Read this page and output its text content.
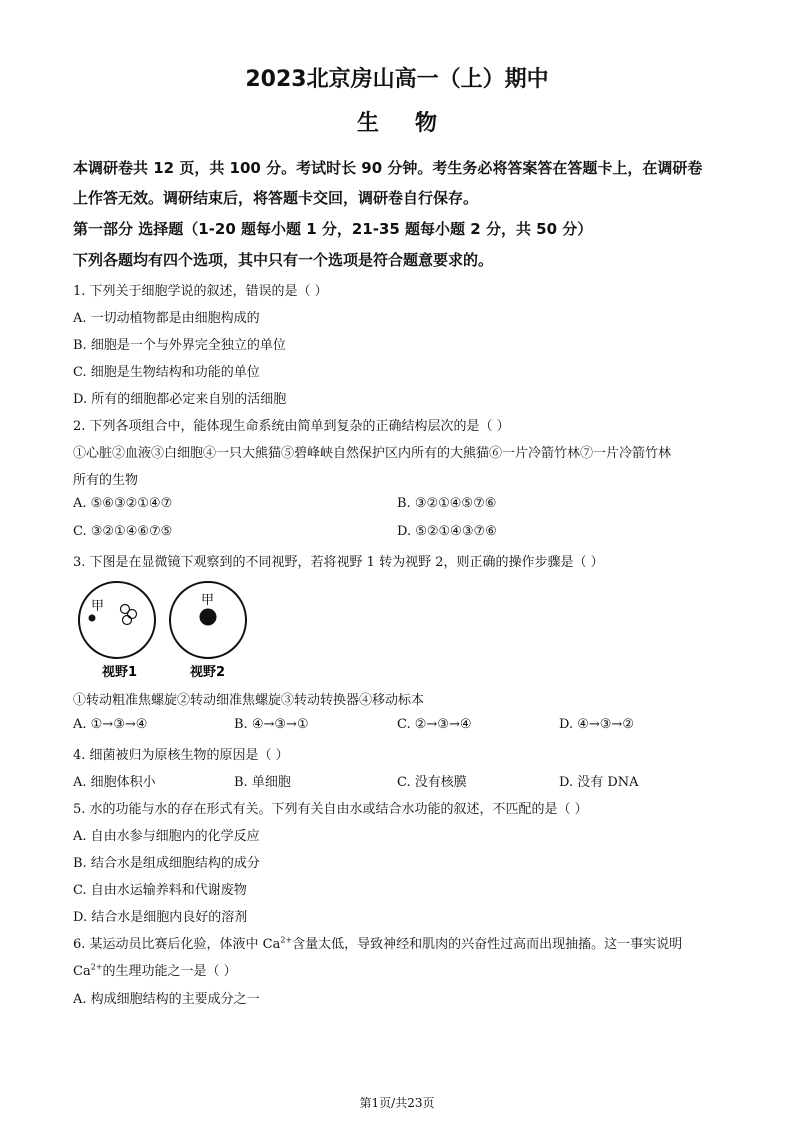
2023北京房山高一（上）期中
生物
本调研卷共 12 页，共 100 分。考试时长 90 分钟。考生务必将答案答在答题卡上，在调研卷
上作答无效。调研结束后，将答题卡交回，调研卷自行保存。
第一部分 选择题（1-20 题每小题 1 分，21-35 题每小题 2 分，共 50 分）
下列各题均有四个选项，其中只有一个选项是符合题意要求的。
1. 下列关于细胞学说的叙述，错误的是（ ）
A. 一切动植物都是由细胞构成的
B. 细胞是一个与外界完全独立的单位
C. 细胞是生物结构和功能的单位
D. 所有的细胞都必定来自别的活细胞
2. 下列各项组合中，能体现生命系统由简单到复杂的正确结构层次的是（ ）
①心脏②血液③白细胞④一只大熊猫⑤碧峰峡自然保护区内所有的大熊猫⑥一片冷箭竹林⑦一片冷箭竹林
所有的生物
A. ⑤⑥③②①④⑦	B. ③②①④⑤⑦⑥
C. ③②①④⑥⑦⑤	D. ⑤②①④③⑦⑥
3. 下图是在显微镜下观察到的不同视野，若将视野 1 转为视野 2，则正确的操作步骤是（ ）
甲	甲
视野1	视野2
①转动粗准焦螺旋②转动细准焦螺旋③转动转换器④移动标本
A. ①→③→④	B. ④→③→①	C. ②→③→④	D. ④→③→②
4. 细菌被归为原核生物的原因是（ ）
A. 细胞体积小	B. 单细胞	C. 没有核膜	D. 没有 DNA
5. 水的功能与水的存在形式有关。下列有关自由水或结合水功能的叙述，不匹配的是（ ）
A. 自由水参与细胞内的化学反应
B. 结合水是组成细胞结构的成分
C. 自由水运输养料和代谢废物
D. 结合水是细胞内良好的溶剂
6. 某运动员比赛后化验，体液中 $Ca^{2+}$含量太低，导致神经和肌肉的兴奋性过高而出现抽搐。这一事实说明
$Ca^{2+}$的生理功能之一是（ ）
A. 构成细胞结构的主要成分之一
第1页/共23页
